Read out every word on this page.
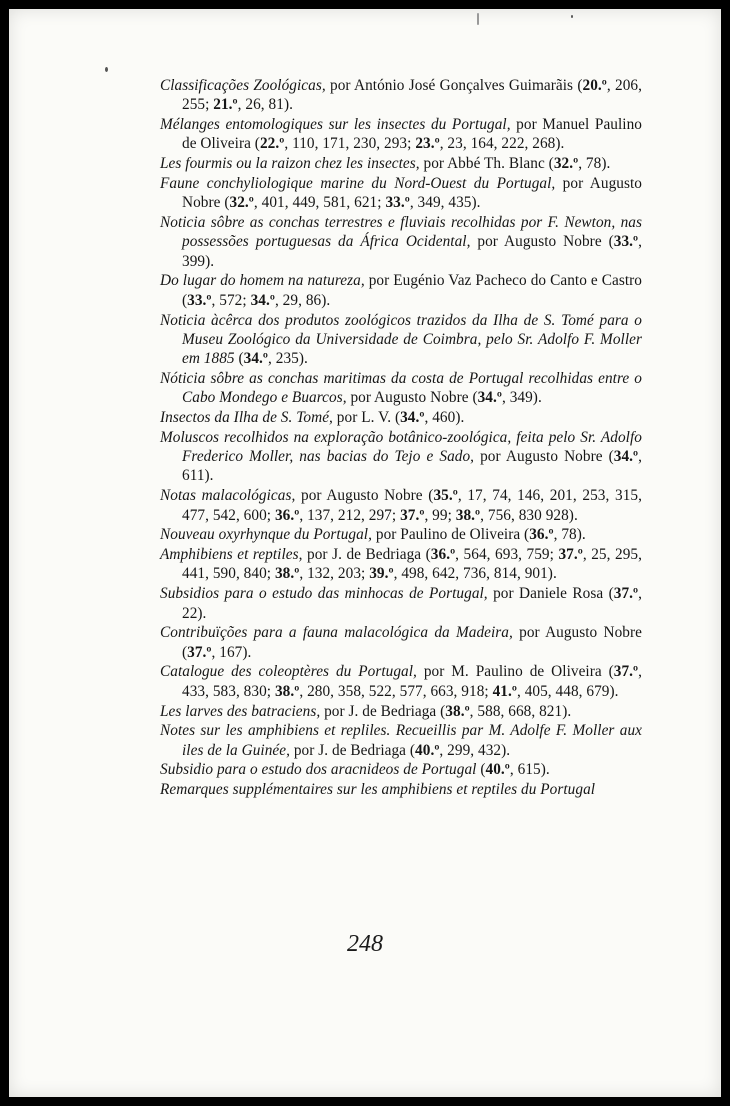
Classificações Zoológicas, por António José Gonçalves Guimarãis (20.º, 206, 255; 21.º, 26, 81).
Mélanges entomologiques sur les insectes du Portugal, por Manuel Paulino de Oliveira (22.º, 110, 171, 230, 293; 23.º, 23, 164, 222, 268).
Les fourmis ou la raizon chez les insectes, por Abbé Th. Blanc (32.º, 78).
Faune conchyliologique marine du Nord-Ouest du Portugal, por Augusto Nobre (32.º, 401, 449, 581, 621; 33.º, 349, 435).
Noticia sôbre as conchas terrestres e fluviais recolhidas por F. Newton, nas possessões portuguesas da África Ocidental, por Augusto Nobre (33.º, 399).
Do lugar do homem na natureza, por Eugénio Vaz Pacheco do Canto e Castro (33.º, 572; 34.º, 29, 86).
Noticia àcêrca dos produtos zoológicos trazidos da Ilha de S. Tomé para o Museu Zoológico da Universidade de Coimbra, pelo Sr. Adolfo F. Moller em 1885 (34.º, 235).
Nóticia sôbre as conchas maritimas da costa de Portugal recolhidas entre o Cabo Mondego e Buarcos, por Augusto Nobre (34.º, 349).
Insectos da Ilha de S. Tomé, por L. V. (34.º, 460).
Moluscos recolhidos na exploração botânico-zoológica, feita pelo Sr. Adolfo Frederico Moller, nas bacias do Tejo e Sado, por Augusto Nobre (34.º, 611).
Notas malacológicas, por Augusto Nobre (35.º, 17, 74, 146, 201, 253, 315, 477, 542, 600; 36.º, 137, 212, 297; 37.º, 99; 38.º, 756, 830 928).
Nouveau oxyrhynque du Portugal, por Paulino de Oliveira (36.º, 78).
Amphibiens et reptiles, por J. de Bedriaga (36.º, 564, 693, 759; 37.º, 25, 295, 441, 590, 840; 38.º, 132, 203; 39.º, 498, 642, 736, 814, 901).
Subsidios para o estudo das minhocas de Portugal, por Daniele Rosa (37.º, 22).
Contribuïções para a fauna malacológica da Madeira, por Augusto Nobre (37.º, 167).
Catalogue des coleoptères du Portugal, por M. Paulino de Oliveira (37.º, 433, 583, 830; 38.º, 280, 358, 522, 577, 663, 918; 41.º, 405, 448, 679).
Les larves des batraciens, por J. de Bedriaga (38.º, 588, 668, 821).
Notes sur les amphibiens et repliles. Recueillis par M. Adolfe F. Moller aux iles de la Guinée, por J. de Bedriaga (40.º, 299, 432).
Subsidio para o estudo dos aracnideos de Portugal (40.º, 615).
Remarques supplémentaires sur les amphibiens et reptiles du Portugal

248
